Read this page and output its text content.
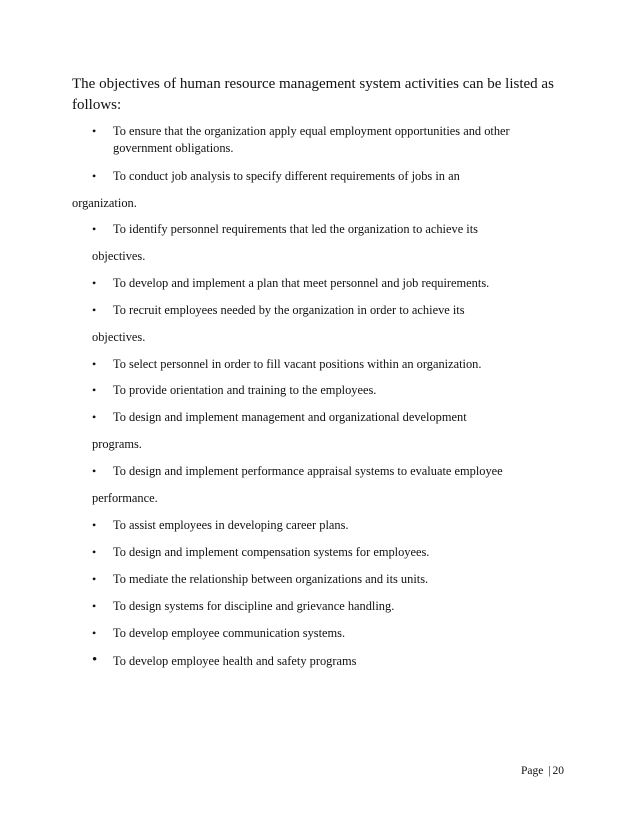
The objectives of human resource management system activities can be listed as follows:

• To ensure that the organization apply equal employment opportunities and other
government obligations.
• To conduct job analysis to specify different requirements of jobs in an
organization.
• To identify personnel requirements that led the organization to achieve its
objectives.
• To develop and implement a plan that meet personnel and job requirements.
• To recruit employees needed by the organization in order to achieve its
objectives.
• To select personnel in order to fill vacant positions within an organization.
• To provide orientation and training to the employees.
• To design and implement management and organizational development
programs.
• To design and implement performance appraisal systems to evaluate employee
performance.
• To assist employees in developing career plans.
• To design and implement compensation systems for employees.
• To mediate the relationship between organizations and its units.
• To design systems for discipline and grievance handling.
• To develop employee communication systems.
• To develop employee health and safety programs
Page | 20
